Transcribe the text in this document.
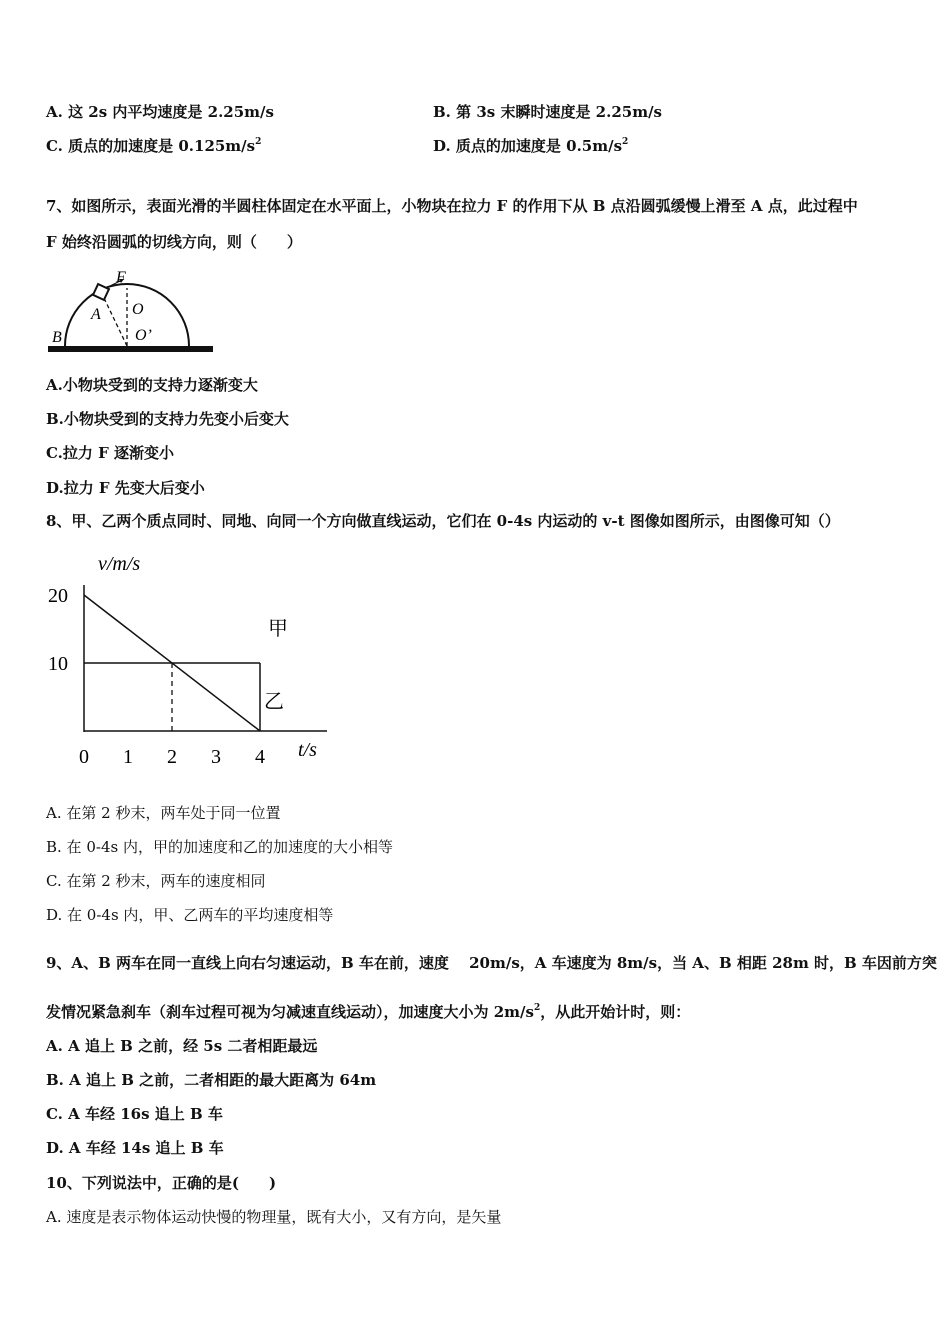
A. 这 2s 内平均速度是 2.25m/s	B. 第 3s 末瞬时速度是 2.25m/s
C. 质点的加速度是 $0.125m/s^2$	D. 质点的加速度是 $0.5m/s^2$
7、如图所示，表面光滑的半圆柱体固定在水平面上，小物块在拉力 F 的作用下从 B 点沿圆弧缓慢上滑至 A 点，此过程中
F 始终沿圆弧的切线方向，则（　　）
F
A O
O’
B
A.小物块受到的支持力逐渐变大
B.小物块受到的支持力先变小后变大
C.拉力 F 逐渐变小
D.拉力 F 先变大后变小
8、甲、乙两个质点同时、同地、向同一个方向做直线运动，它们在 0-4s 内运动的 v-t 图像如图所示，由图像可知（）
v/m/s
t/s
0 1 2 3 4
20
10
甲
乙
A. 在第 2 秒末，两车处于同一位置
B. 在 0-4s 内，甲的加速度和乙的加速度的大小相等
C. 在第 2 秒末，两车的速度相同
D. 在 0-4s 内，甲、乙两车的平均速度相等
9、A、B 两车在同一直线上向右匀速运动，B 车在前，速度　 20m/s，A 车速度为 8m/s，当 A、B 相距 28m 时，B 车因前方突
发情况紧急刹车（刹车过程可视为匀减速直线运动），加速度大小为 $2m/s^2$，从此开始计时，则：
A. A 追上 B 之前，经 5s 二者相距最远
B. A 追上 B 之前，二者相距的最大距离为 64m
C. A 车经 16s 追上 B 车
D. A 车经 14s 追上 B 车
10、下列说法中，正确的是(　　)
A. 速度是表示物体运动快慢的物理量，既有大小，又有方向，是矢量
